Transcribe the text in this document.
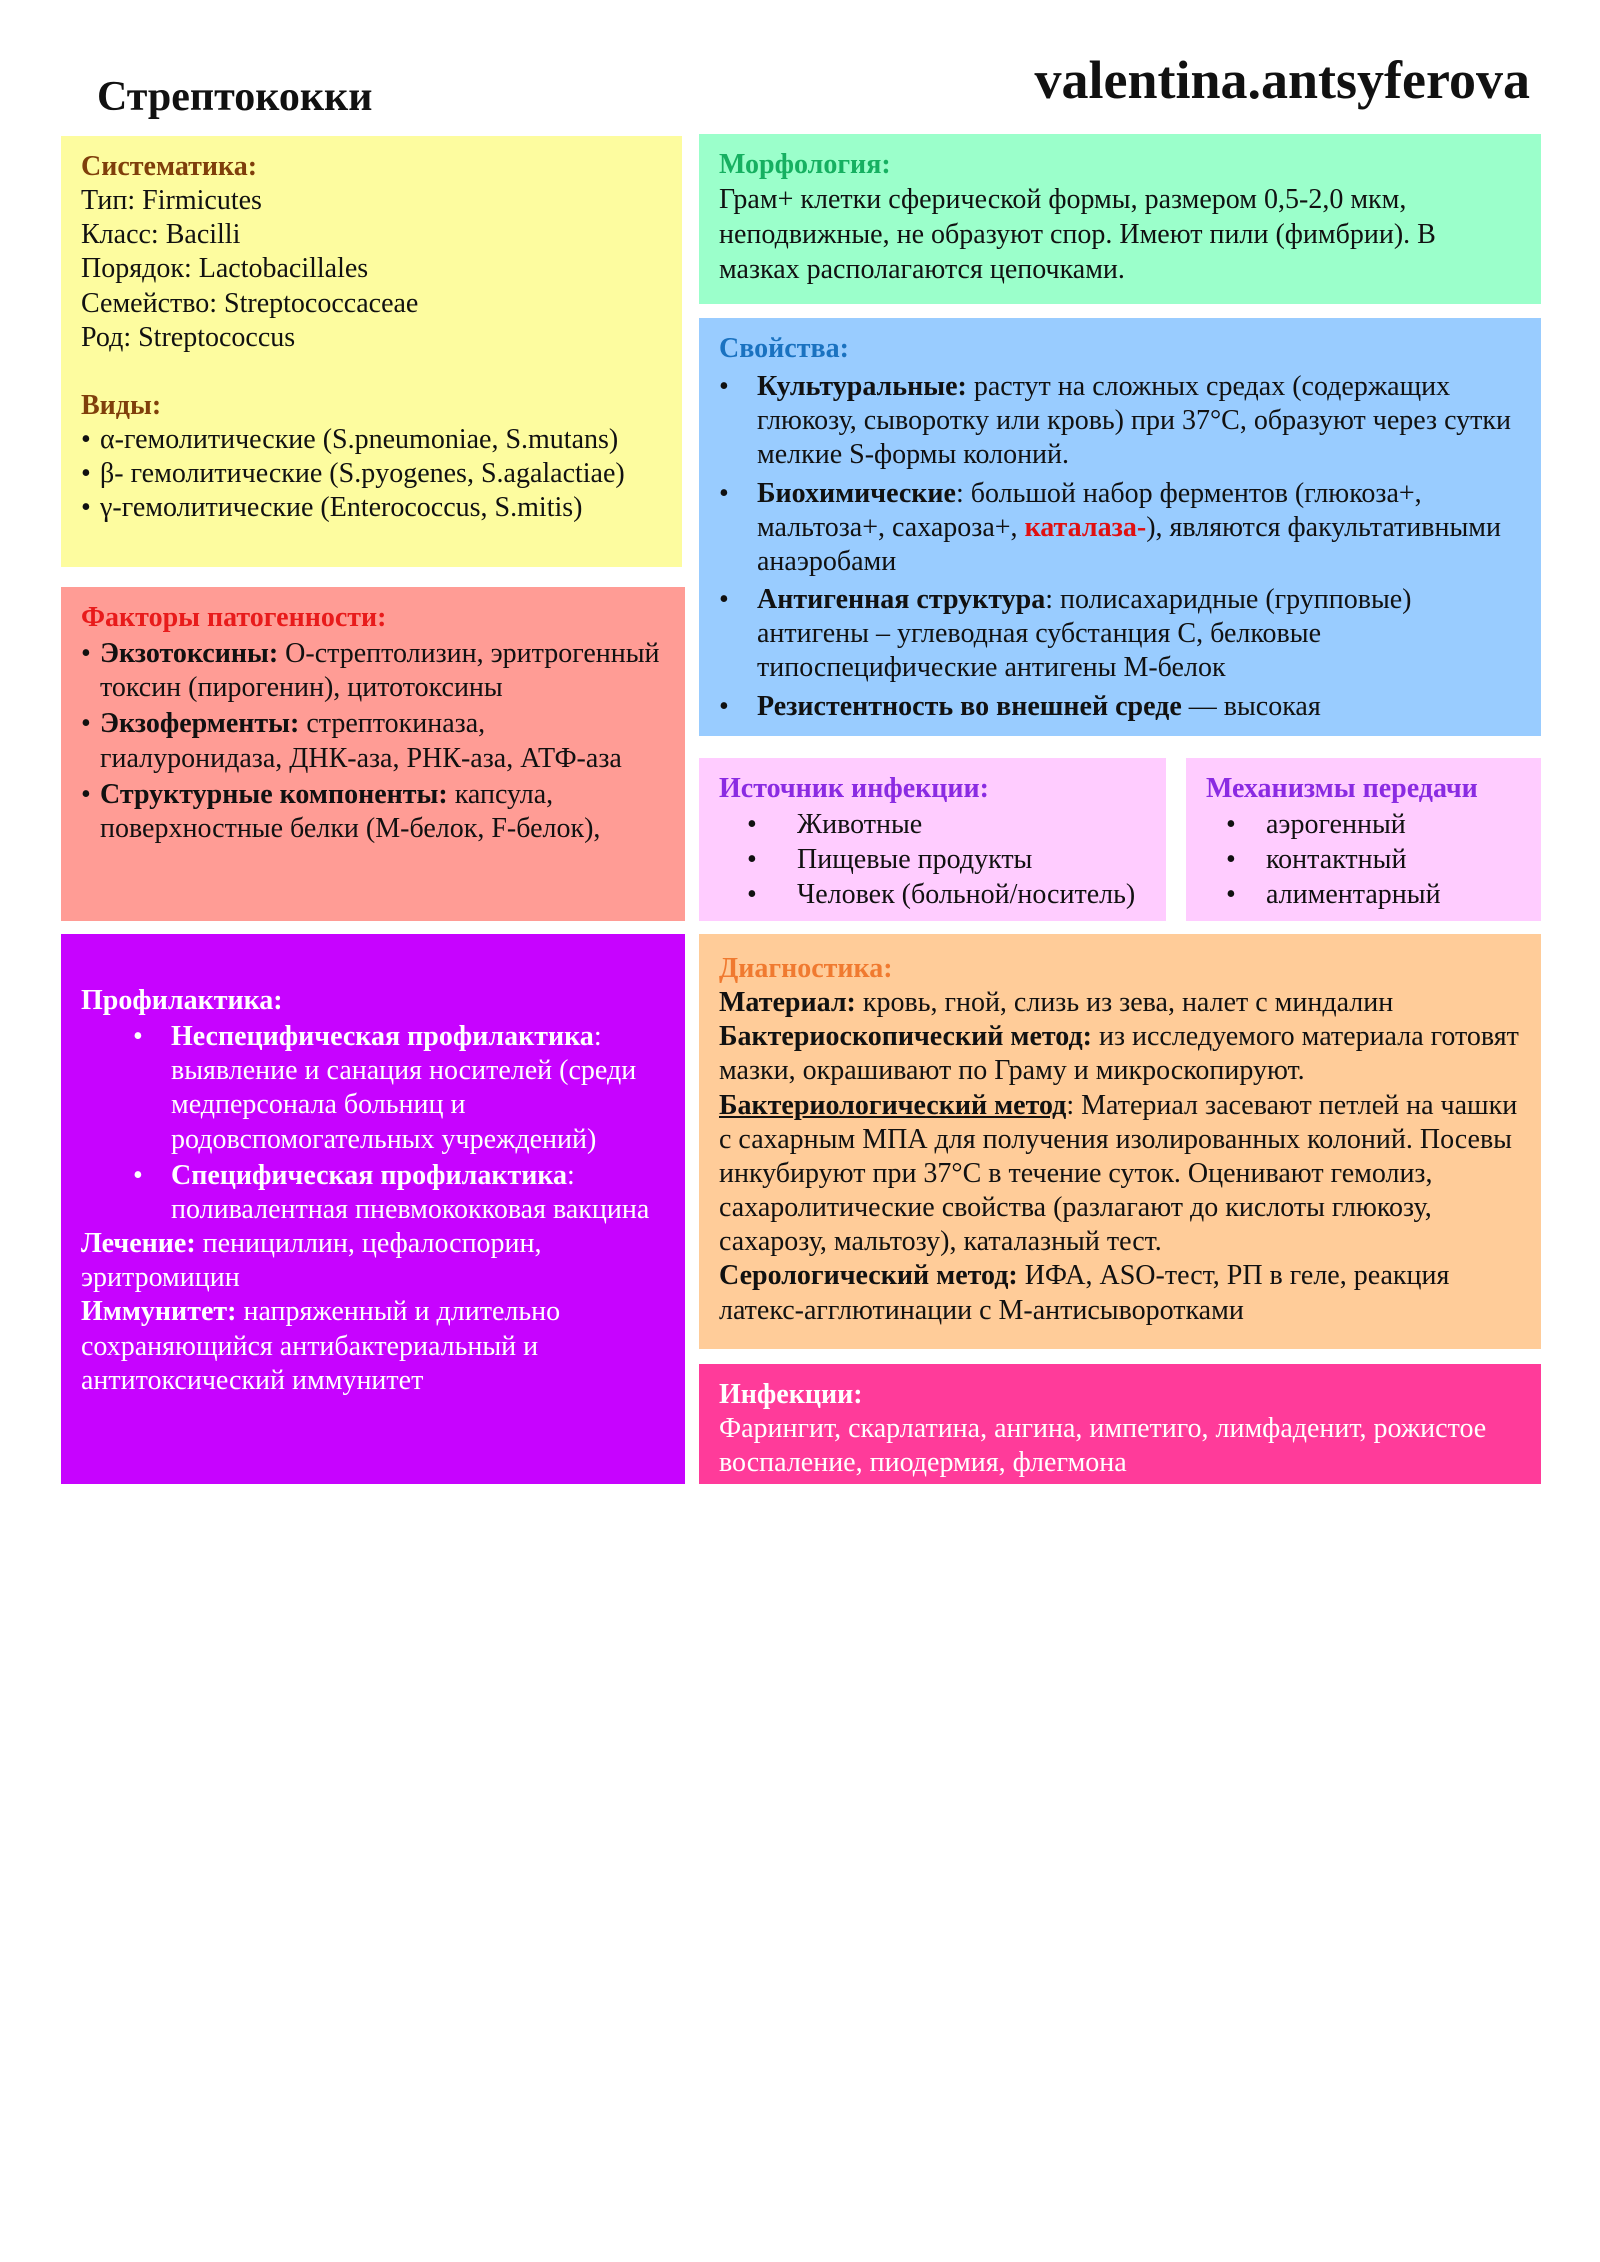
Стрептококки	valentina.antsyferova
Систематика:

Тип: Firmicutes

Класс: Bacilli

Порядок: Lactobacillales

Семейство: Streptococcaceae

Род: Streptococcus

Виды:
• α-гемолитические (S.pneumoniae, S.mutans)
• β- гемолитические (S.pyogenes, S.agalactiae)
• γ-гемолитические (Enterococcus, S.mitis)
Морфология:

Грам+ клетки сферической формы, размером 0,5-2,0 мкм, неподвижные, не образуют спор. Имеют пили (фимбрии). В мазках располагаются цепочками.

Свойства:
• Культуральные: растут на сложных средах (содержащих глюкозу, сыворотку или кровь) при 37°С, образуют через сутки мелкие S-формы колоний.
• Биохимические: большой набор ферментов (глюкоза+, мальтоза+, сахароза+, каталаза-), являются факультативными анаэробами
• Антигенная структура: полисахаридные (групповые) антигены – углеводная субстанция С, белковые типоспецифические антигены М-белок
• Резистентность во внешней среде — высокая
Факторы патогенности:
• Экзотоксины: О-стрептолизин, эритрогенный токсин (пирогенин), цитотоксины
• Экзоферменты: стрептокиназа, гиалуронидаза, ДНК-аза, РНК-аза, АТФ-аза
• Структурные компоненты: капсула, поверхностные белки (М-белок, F-белок),
Источник инфекции:
• Животные
• Пищевые продукты
• Человек (больной/носитель)
Механизмы передачи
• аэрогенный
• контактный
• алиментарный
Профилактика:
• Неспецифическая профилактика: выявление и санация носителей (среди медперсонала больниц и родовспомогательных учреждений)
• Специфическая профилактика: поливалентная пневмококковая вакцина

Лечение: пенициллин, цефалоспорин, эритромицин

Иммунитет: напряженный и длительно сохраняющийся антибактериальный и антитоксический иммунитет

Диагностика:

Материал: кровь, гной, слизь из зева, налет с миндалин

Бактериоскопический метод: из исследуемого материала готовят мазки, окрашивают по Граму и микроскопируют.

Бактериологический метод: Материал засевают петлей на чашки с сахарным МПА для получения изолированных колоний. Посевы инкубируют при 37°С в течение суток. Оценивают гемолиз, сахаролитические свойства (разлагают до кислоты глюкозу, сахарозу, мальтозу), каталазный тест.

Серологический метод: ИФА, ASO-тест, РП в геле, реакция латекс-агглютинации с М-антисыворотками

Инфекции:

Фарингит, скарлатина, ангина, импетиго, лимфаденит, рожистое воспаление, пиодермия, флегмона
